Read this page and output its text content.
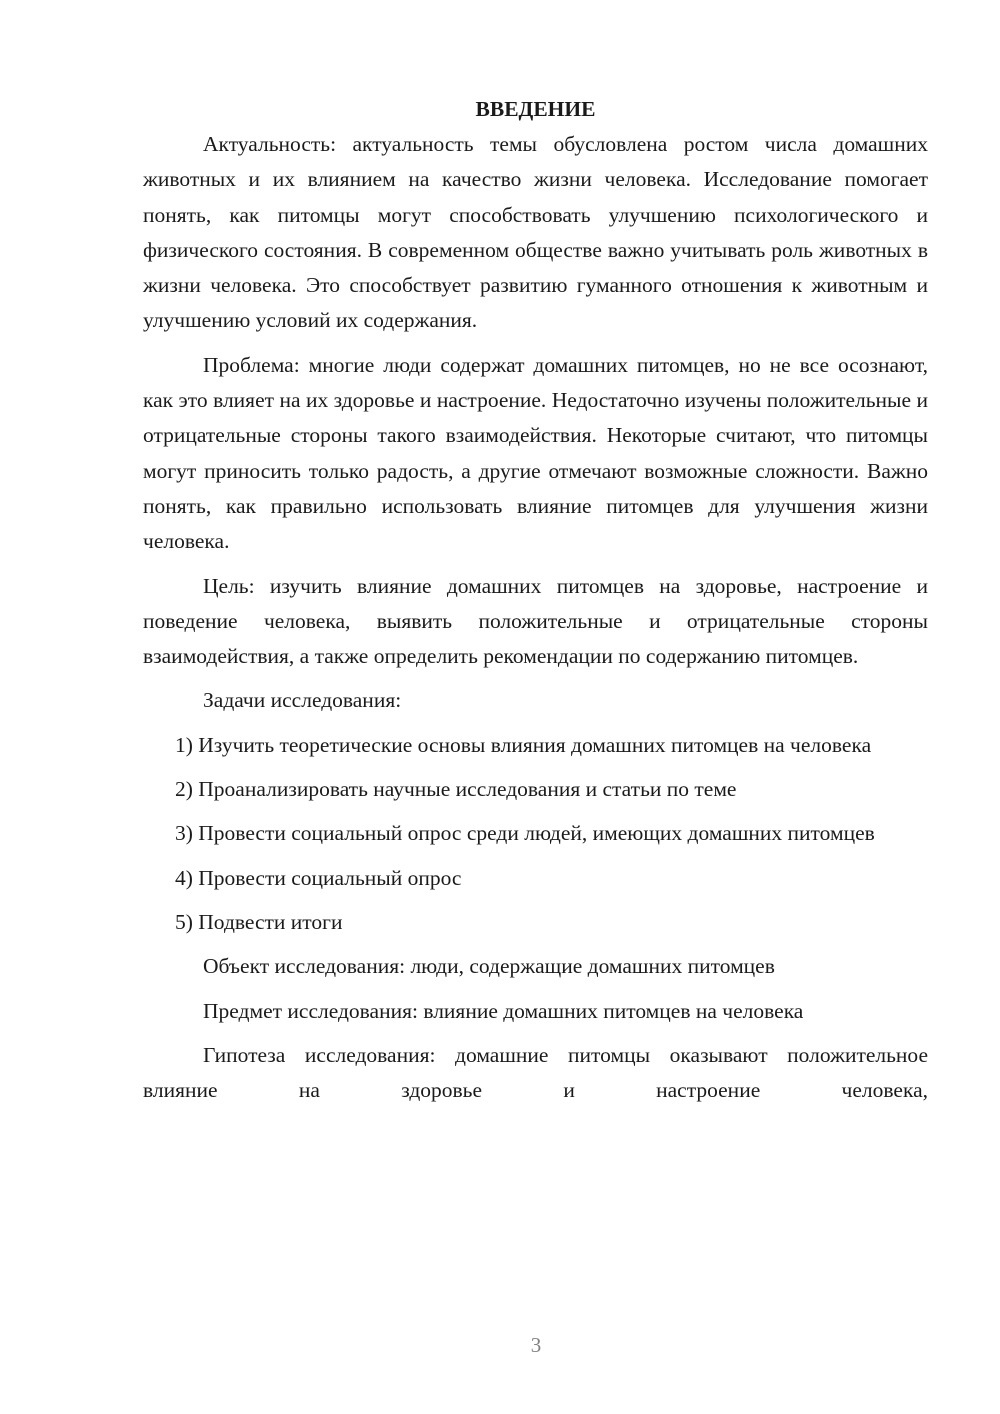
ВВЕДЕНИЕ

Актуальность: актуальность темы обусловлена ростом числа домашних животных и их влиянием на качество жизни человека. Исследование помогает понять, как питомцы могут способствовать улучшению психологического и физического состояния. В современном обществе важно учитывать роль животных в жизни человека. Это способствует развитию гуманного отношения к животным и улучшению условий их содержания.

Проблема: многие люди содержат домашних питомцев, но не все осознают, как это влияет на их здоровье и настроение. Недостаточно изучены положительные и отрицательные стороны такого взаимодействия. Некоторые считают, что питомцы могут приносить только радость, а другие отмечают возможные сложности. Важно понять, как правильно использовать влияние питомцев для улучшения жизни человека.

Цель: изучить влияние домашних питомцев на здоровье, настроение и поведение человека, выявить положительные и отрицательные стороны взаимодействия, а также определить рекомендации по содержанию питомцев.

Задачи исследования:

1) Изучить теоретические основы влияния домашних питомцев на человека

2) Проанализировать научные исследования и статьи по теме

3) Провести социальный опрос среди людей, имеющих домашних питомцев

4) Провести социальный опрос

5) Подвести итоги

Объект исследования: люди, содержащие домашних питомцев

Предмет исследования: влияние домашних питомцев на человека

Гипотеза исследования: домашние питомцы оказывают положительное влияние на здоровье и настроение человека,

3
